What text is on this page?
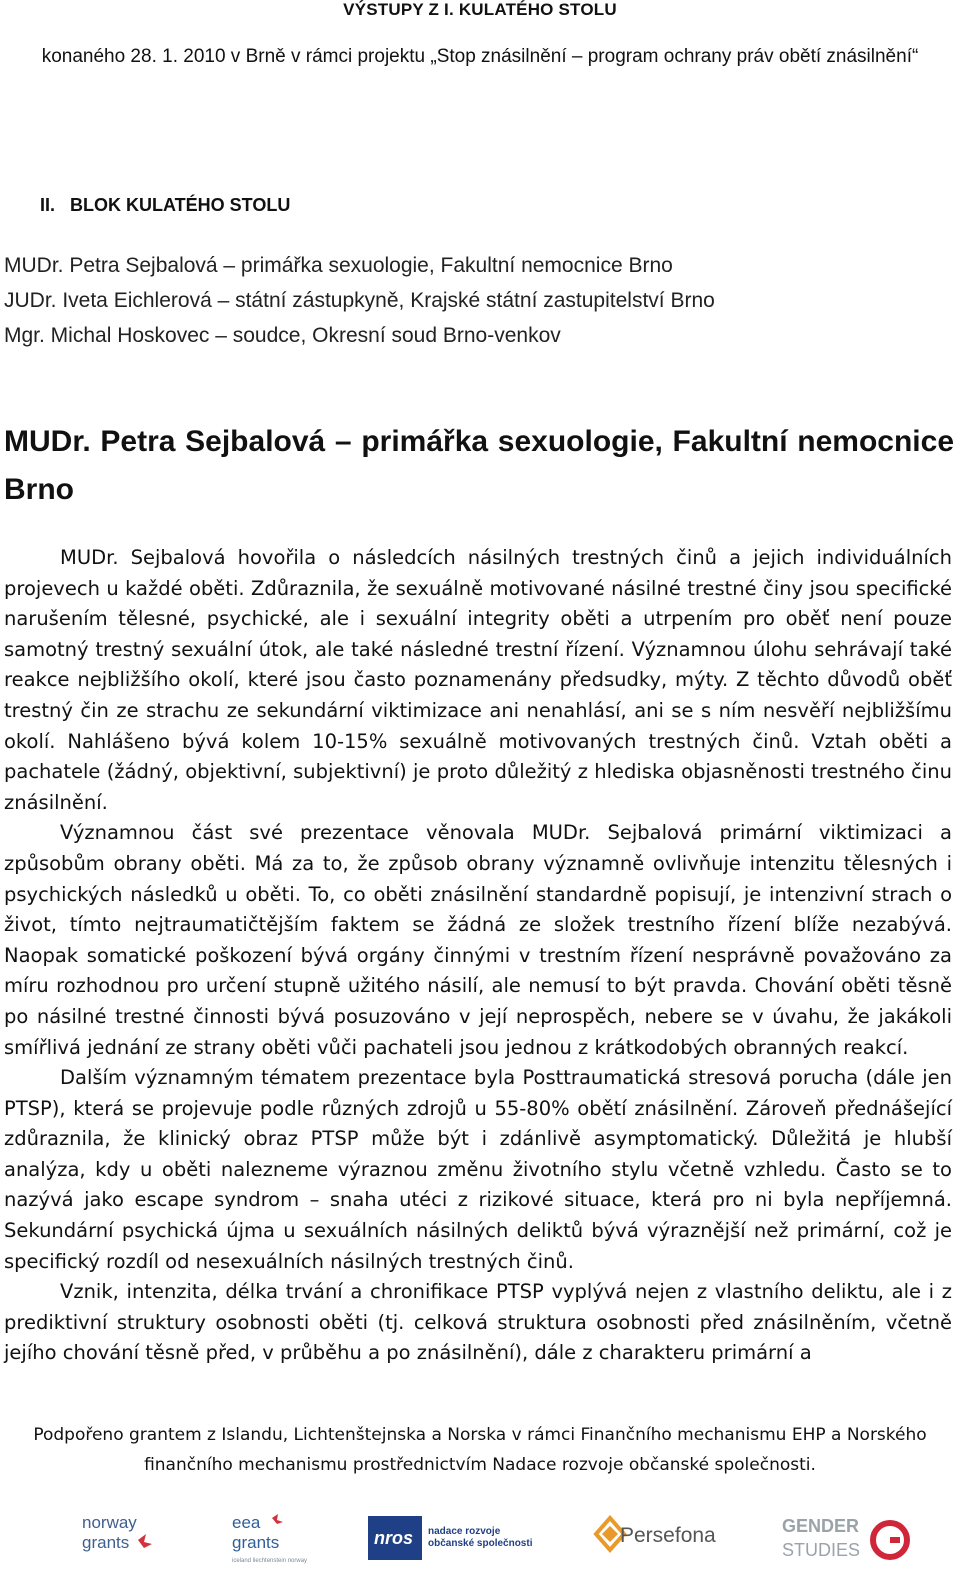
VÝSTUPY Z I. KULATÉHO STOLU
konaného 28. 1. 2010 v Brně v rámci projektu „Stop znásilnění – program ochrany práv obětí znásilnění“
II.   BLOK KULATÉHO STOLU
MUDr. Petra Sejbalová – primářka sexuologie, Fakultní nemocnice Brno
JUDr. Iveta Eichlerová – státní zástupkyně, Krajské státní zastupitelství Brno
Mgr. Michal Hoskovec – soudce, Okresní soud Brno-venkov
MUDr. Petra Sejbalová – primářka sexuologie, Fakultní nemocnice Brno

MUDr. Sejbalová hovořila o následcích násilných trestných činů a jejich individuálních projevech u každé oběti. Zdůraznila, že sexuálně motivované násilné trestné činy jsou specifické narušením tělesné, psychické, ale i sexuální integrity oběti a utrpením pro oběť není pouze samotný trestný sexuální útok, ale také následné trestní řízení. Významnou úlohu sehrávají také reakce nejbližšího okolí, které jsou často poznamenány předsudky, mýty. Z těchto důvodů oběť trestný čin ze strachu ze sekundární viktimizace ani nenahlásí, ani se s ním nesvěří nejbližšímu okolí. Nahlášeno bývá kolem 10-15% sexuálně motivovaných trestných činů. Vztah oběti a pachatele (žádný, objektivní, subjektivní) je proto důležitý z hlediska objasněnosti trestného činu znásilnění.

Významnou část své prezentace věnovala MUDr. Sejbalová primární viktimizaci a způsobům obrany oběti. Má za to, že způsob obrany významně ovlivňuje intenzitu tělesných i psychických následků u oběti. To, co oběti znásilnění standardně popisují, je intenzivní strach o život, tímto nejtraumatičtějším faktem se žádná ze složek trestního řízení blíže nezabývá. Naopak somatické poškození bývá orgány činnými v trestním řízení nesprávně považováno za míru rozhodnou pro určení stupně užitého násilí, ale nemusí to být pravda. Chování oběti těsně po násilné trestné činnosti bývá posuzováno v její neprospěch, nebere se v úvahu, že jakákoli smířlivá jednání ze strany oběti vůči pachateli jsou jednou z krátkodobých obranných reakcí.

Dalším významným tématem prezentace byla Posttraumatická stresová porucha (dále jen PTSP), která se projevuje podle různých zdrojů u 55-80% obětí znásilnění. Zároveň přednášející zdůraznila, že klinický obraz PTSP může být i zdánlivě asymptomatický. Důležitá je hlubší analýza, kdy u oběti nalezneme výraznou změnu životního stylu včetně vzhledu. Často se to nazývá jako escape syndrom – snaha utéci z rizikové situace, která pro ni byla nepříjemná. Sekundární psychická újma u sexuálních násilných deliktů bývá výraznější než primární, což je specifický rozdíl od nesexuálních násilných trestných činů.

Vznik, intenzita, délka trvání a chronifikace PTSP vyplývá nejen z vlastního deliktu, ale i z prediktivní struktury osobnosti oběti (tj. celková struktura osobnosti před znásilněním, včetně jejího chování těsně před, v průběhu a po znásilnění), dále z charakteru primární a

Podpořeno grantem z Islandu, Lichtenštejnska a Norska v rámci Finančního mechanismu EHP a Norského
finančního mechanismu prostřednictvím Nadace rozvoje občanské společnosti.
norway
grants
eea
grants
iceland liechtenstein norway
nros nadace rozvoje
občanské společnosti	Persefona	GENDER
STUDIES
